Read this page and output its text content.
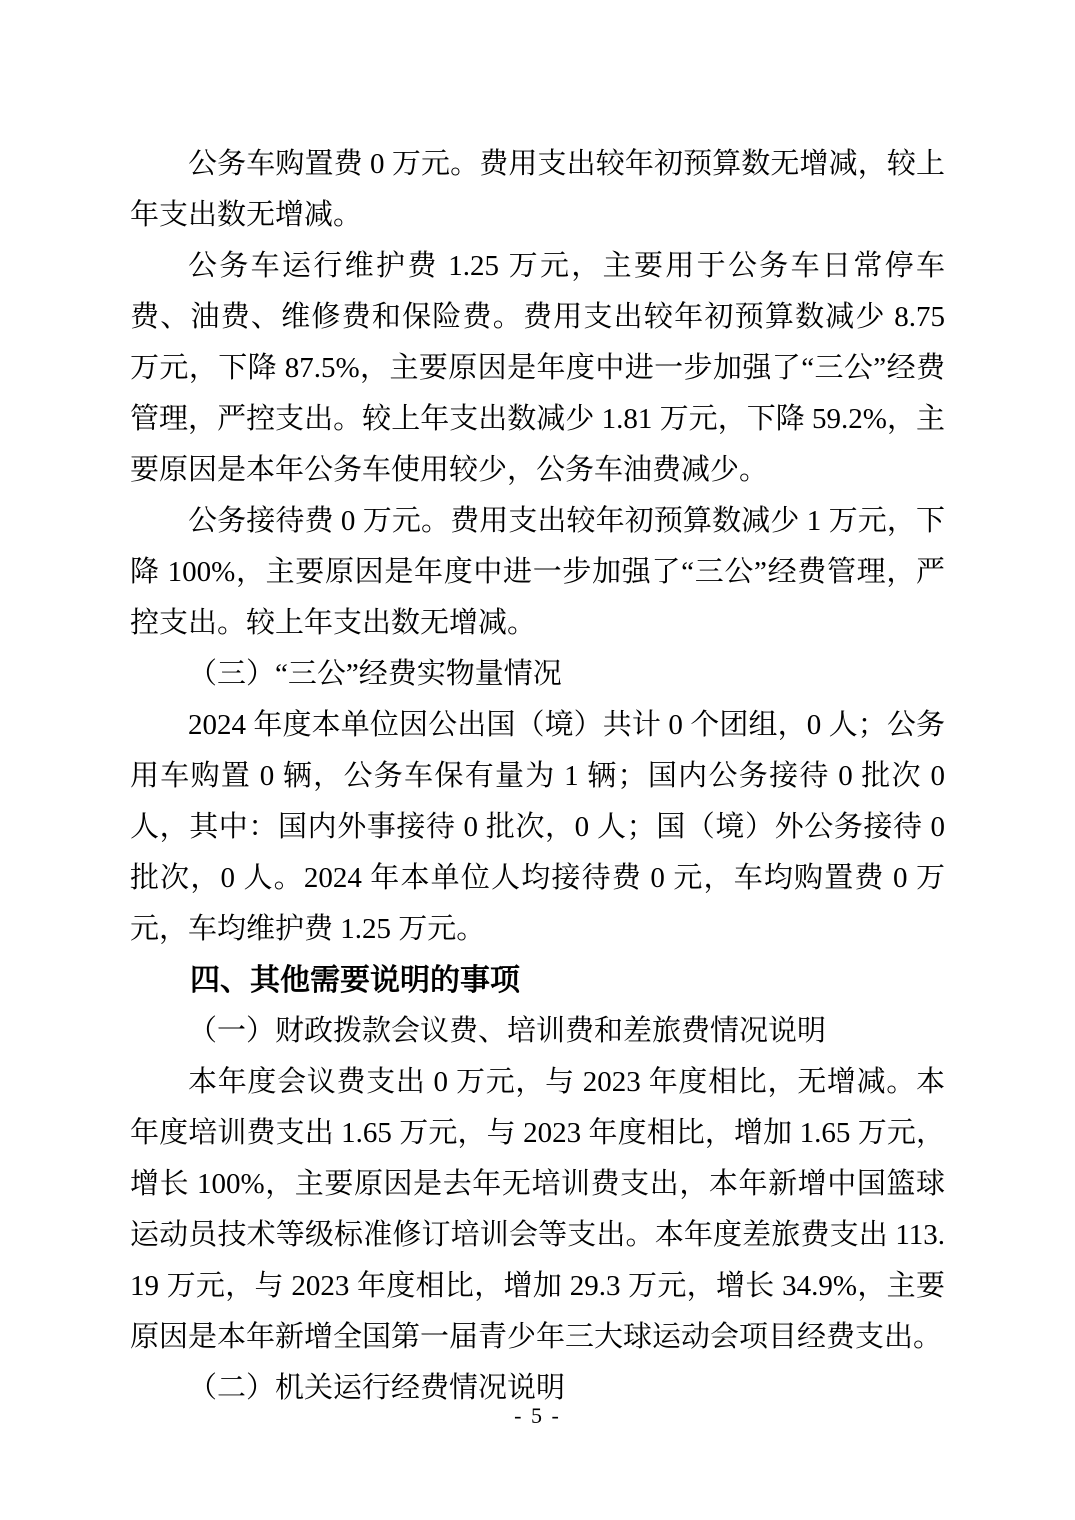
公务车购置费 0 万元。费用支出较年初预算数无增减，较上年支出数无增减。

公务车运行维护费 1.25 万元，主要用于公务车日常停车费、油费、维修费和保险费。费用支出较年初预算数减少 8.75 万元，下降 87.5%，主要原因是年度中进一步加强了“三公”经费管理，严控支出。较上年支出数减少 1.81 万元，下降 59.2%，主要原因是本年公务车使用较少，公务车油费减少。

公务接待费 0 万元。费用支出较年初预算数减少 1 万元，下降 100%，主要原因是年度中进一步加强了“三公”经费管理，严控支出。较上年支出数无增减。

（三）“三公”经费实物量情况

2024 年度本单位因公出国（境）共计 0 个团组，0 人；公务用车购置 0 辆，公务车保有量为 1 辆；国内公务接待 0 批次 0 人，其中：国内外事接待 0 批次，0 人；国（境）外公务接待 0 批次，0 人。2024 年本单位人均接待费 0 元，车均购置费 0 万元，车均维护费 1.25 万元。

四、其他需要说明的事项

（一）财政拨款会议费、培训费和差旅费情况说明

本年度会议费支出 0 万元，与 2023 年度相比，无增减。本年度培训费支出 1.65 万元，与 2023 年度相比，增加 1.65 万元，增长 100%，主要原因是去年无培训费支出，本年新增中国篮球运动员技术等级标准修订培训会等支出。本年度差旅费支出 113.19 万元，与 2023 年度相比，增加 29.3 万元，增长 34.9%，主要原因是本年新增全国第一届青少年三大球运动会项目经费支出。

（二）机关运行经费情况说明

- 5 -
